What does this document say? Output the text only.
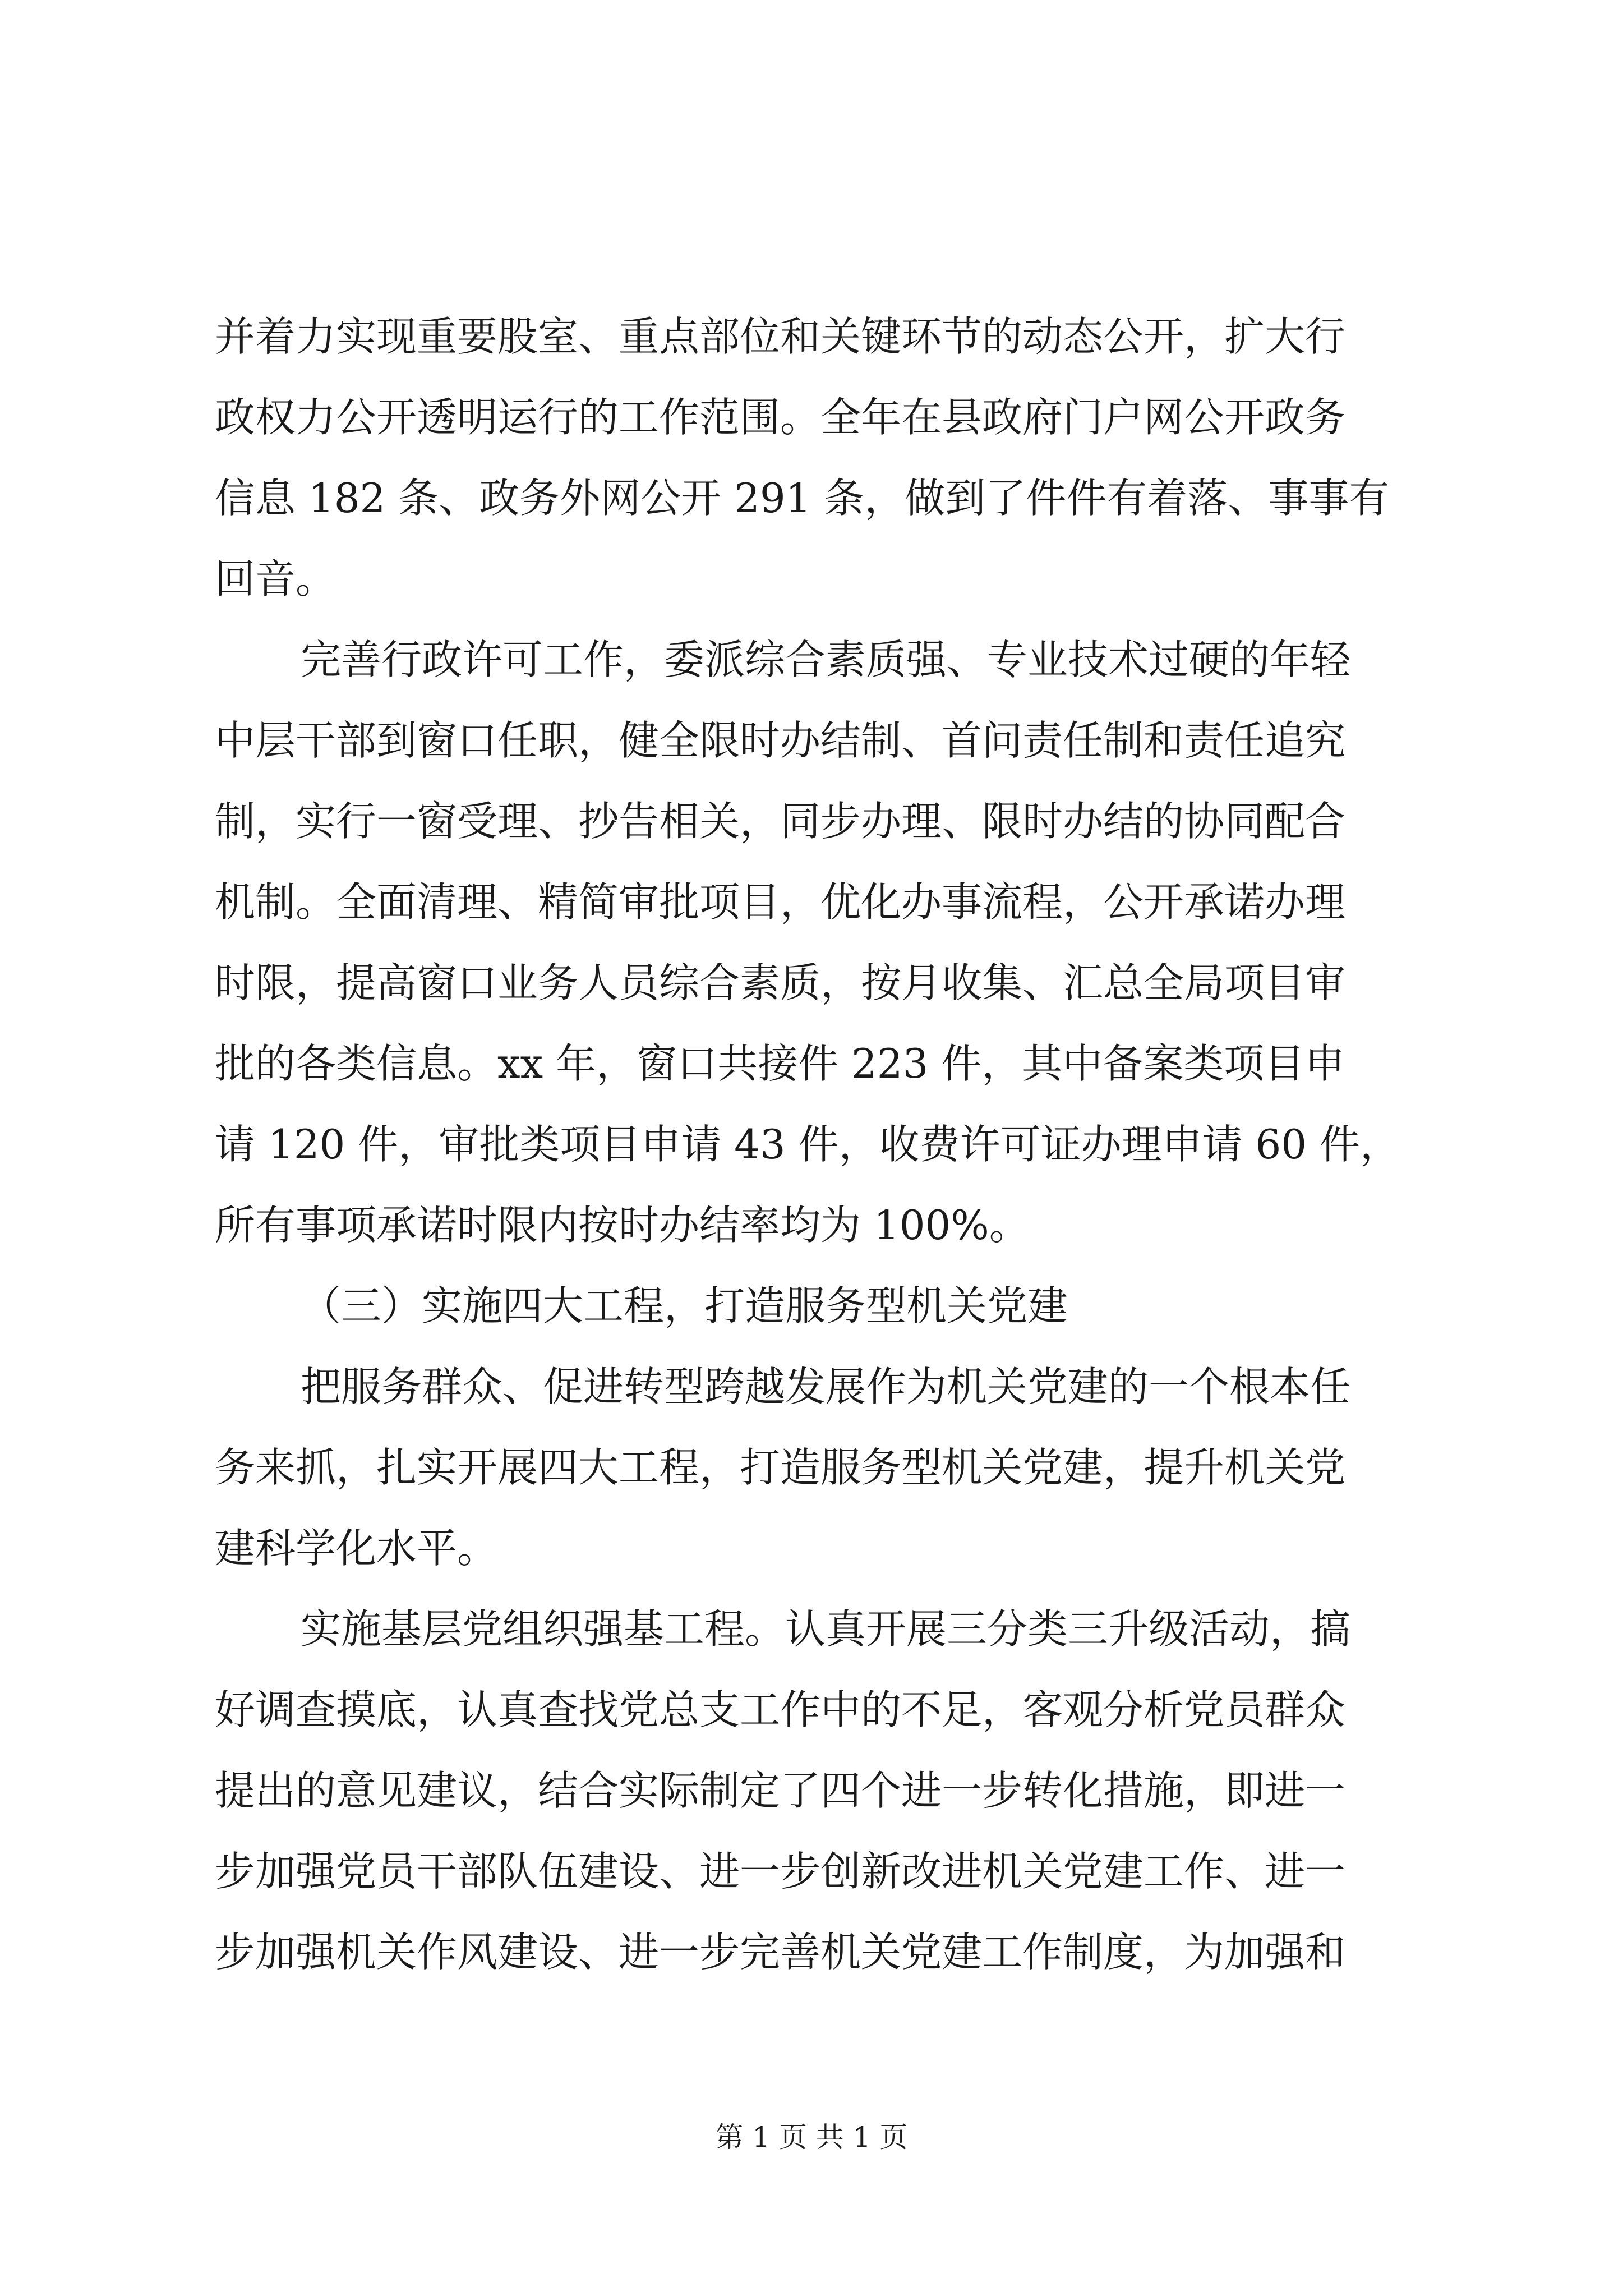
并着力实现重要股室、重点部位和关键环节的动态公开，扩大行
政权力公开透明运行的工作范围。全年在县政府门户网公开政务
信息 182 条、政务外网公开 291 条，做到了件件有着落、事事有
回音。
完善行政许可工作，委派综合素质强、专业技术过硬的年轻
中层干部到窗口任职，健全限时办结制、首问责任制和责任追究
制，实行一窗受理、抄告相关，同步办理、限时办结的协同配合
机制。全面清理、精简审批项目，优化办事流程，公开承诺办理
时限，提高窗口业务人员综合素质，按月收集、汇总全局项目审
批的各类信息。xx 年，窗口共接件 223 件，其中备案类项目申
请 120 件，审批类项目申请 43 件，收费许可证办理申请 60 件，
所有事项承诺时限内按时办结率均为 100%。
（三）实施四大工程，打造服务型机关党建
把服务群众、促进转型跨越发展作为机关党建的一个根本任
务来抓，扎实开展四大工程，打造服务型机关党建，提升机关党
建科学化水平。
实施基层党组织强基工程。认真开展三分类三升级活动，搞
好调查摸底，认真查找党总支工作中的不足，客观分析党员群众
提出的意见建议，结合实际制定了四个进一步转化措施，即进一
步加强党员干部队伍建设、进一步创新改进机关党建工作、进一
步加强机关作风建设、进一步完善机关党建工作制度，为加强和
第 1 页 共 1 页
